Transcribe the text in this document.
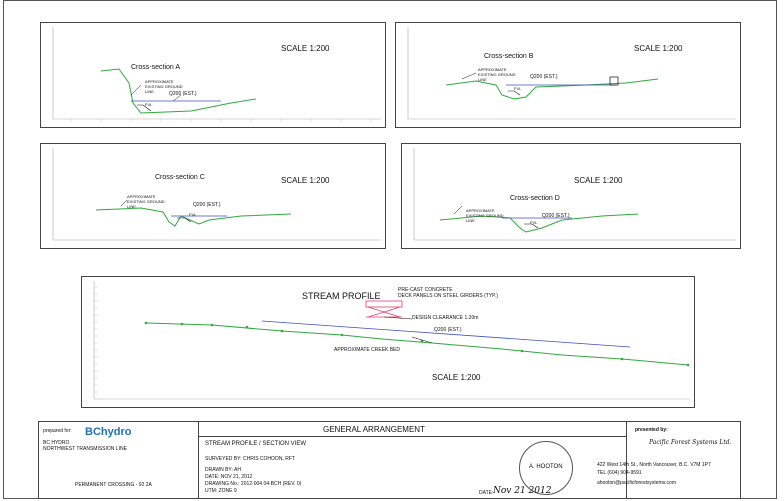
Cross-section A
SCALE 1:200
APPROXIMATE EXISTING GROUND LINE	Q200 (EST.)
FVL
Cross-section B
SCALE 1:200
APPROXIMATE EXISTING GROUND LINE	Q200 (EST.)
FVL
Cross-section C	SCALE 1:200
APPROXIMATE EXISTING GROUND LINE	Q200 (EST.)
FVL
Cross-section D
SCALE 1:200
APPROXIMATE EXISTING GROUND LINE
Q200 (EST.)
FVL
STREAM PROFILE
PRE-CAST CONCRETE
DECK PANELS ON STEEL GIRDERS (TYP.)
DESIGN CLEARANCE 1.20m
Q200 (EST.)
APPROXIMATE CREEK BED
SCALE 1:200
prepared for: BChydro
BC HYDRO
NORTHWEST TRANSMISSION LINE
PERMANENT CROSSING - 92 2A
GENERAL ARRANGEMENT
STREAM PROFILE / SECTION VIEW
SURVEYED BY: CHRIS COHOON, RFT
DRAWN BY: AH
DATE: NOV 21, 2012
DRAWING No.: 2012-004 04-BCH (REV. 0)
UTM: ZONE 9
A. HOOTON
DATE: Nov 21 2012
presented by:
Pacific Forest Systems Ltd.
422 West 14th St., North Vancouver, B.C. V7M 1P7
TEL (604) 904-9591
ahooton@pacificforestsystems.com
